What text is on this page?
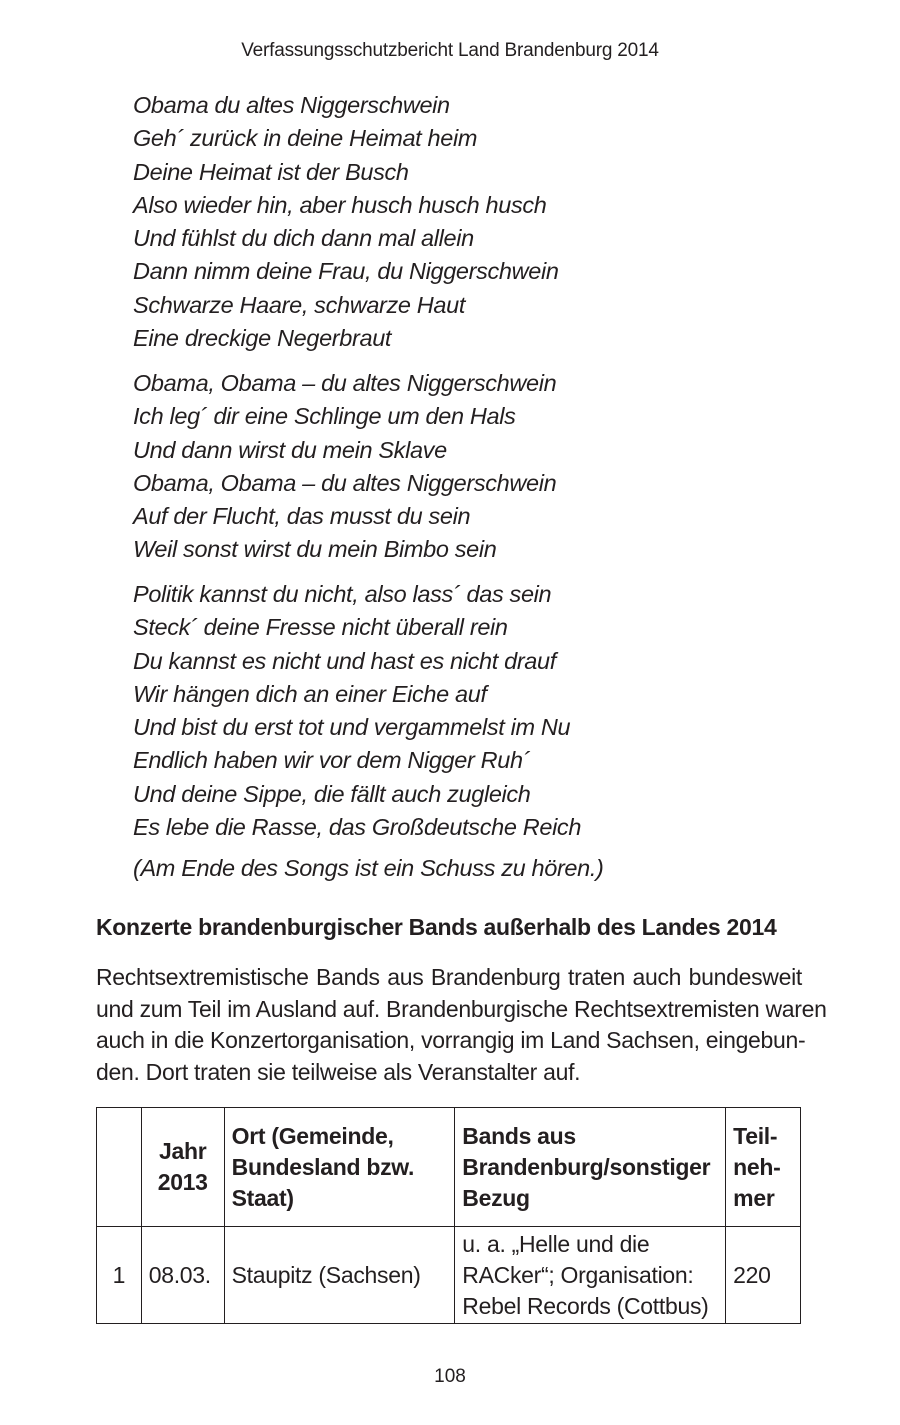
Verfassungsschutzbericht Land Brandenburg 2014
Obama du altes Niggerschwein
Geh´ zurück in deine Heimat heim
Deine Heimat ist der Busch
Also wieder hin, aber husch husch husch
Und fühlst du dich dann mal allein
Dann nimm deine Frau, du Niggerschwein
Schwarze Haare, schwarze Haut
Eine dreckige Negerbraut
Obama, Obama – du altes Niggerschwein
Ich leg´ dir eine Schlinge um den Hals
Und dann wirst du mein Sklave
Obama, Obama – du altes Niggerschwein
Auf der Flucht, das musst du sein
Weil sonst wirst du mein Bimbo sein
Politik kannst du nicht, also lass´ das sein
Steck´ deine Fresse nicht überall rein
Du kannst es nicht und hast es nicht drauf
Wir hängen dich an einer Eiche auf
Und bist du erst tot und vergammelst im Nu
Endlich haben wir vor dem Nigger Ruh´
Und deine Sippe, die fällt auch zugleich
Es lebe die Rasse, das Großdeutsche Reich
(Am Ende des Songs ist ein Schuss zu hören.)
Konzerte brandenburgischer Bands außerhalb des Landes 2014
Rechtsextremistische Bands aus Brandenburg traten auch bundesweit
und zum Teil im Ausland auf. Brandenburgische Rechtsextremisten waren
auch in die Konzertorganisation, vorrangig im Land Sachsen, eingebun-
den. Dort traten sie teilweise als Veranstalter auf.
	Jahr
2013	Ort (Gemeinde,
Bundesland bzw.
Staat)	Bands aus
Brandenburg/sonstiger
Bezug	Teil-
neh-
mer
1	08.03.	Staupitz (Sachsen)	u. a. „Helle und die
RACker“; Organisation:
Rebel Records (Cottbus)	220
108
